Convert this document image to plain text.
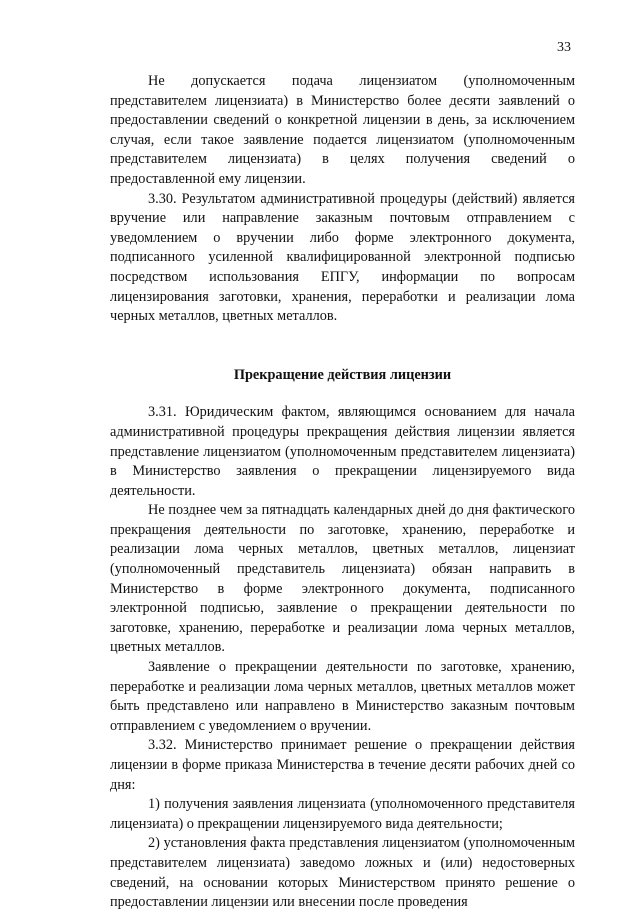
33

Не допускается подача лицензиатом (уполномоченным представителем лицензиата) в Министерство более десяти заявлений о предоставлении сведений о конкретной лицензии в день, за исключением случая, если такое заявление подается лицензиатом (уполномоченным представителем лицензиата) в целях получения сведений о предоставленной ему лицензии.

3.30. Результатом административной процедуры (действий) является вручение или направление заказным почтовым отправлением с уведомлением о вручении либо форме электронного документа, подписанного усиленной квалифицированной электронной подписью посредством использования ЕПГУ, информации по вопросам лицензирования заготовки, хранения, переработки и реализации лома черных металлов, цветных металлов.

Прекращение действия лицензии

3.31. Юридическим фактом, являющимся основанием для начала административной процедуры прекращения действия лицензии является представление лицензиатом (уполномоченным представителем лицензиата) в Министерство заявления о прекращении лицензируемого вида деятельности.

Не позднее чем за пятнадцать календарных дней до дня фактического прекращения деятельности по заготовке, хранению, переработке и реализации лома черных металлов, цветных металлов, лицензиат (уполномоченный представитель лицензиата) обязан направить в Министерство в форме электронного документа, подписанного электронной подписью, заявление о прекращении деятельности по заготовке, хранению, переработке и реализации лома черных металлов, цветных металлов.

Заявление о прекращении деятельности по заготовке, хранению, переработке и реализации лома черных металлов, цветных металлов может быть представлено или направлено в Министерство заказным почтовым отправлением с уведомлением о вручении.

3.32. Министерство принимает решение о прекращении действия лицензии в форме приказа Министерства в течение десяти рабочих дней со дня:

1) получения заявления лицензиата (уполномоченного представителя лицензиата) о прекращении лицензируемого вида деятельности;

2) установления факта представления лицензиатом (уполномоченным представителем лицензиата) заведомо ложных и (или) недостоверных сведений, на основании которых Министерством принято решение о предоставлении лицензии или внесении после проведения
